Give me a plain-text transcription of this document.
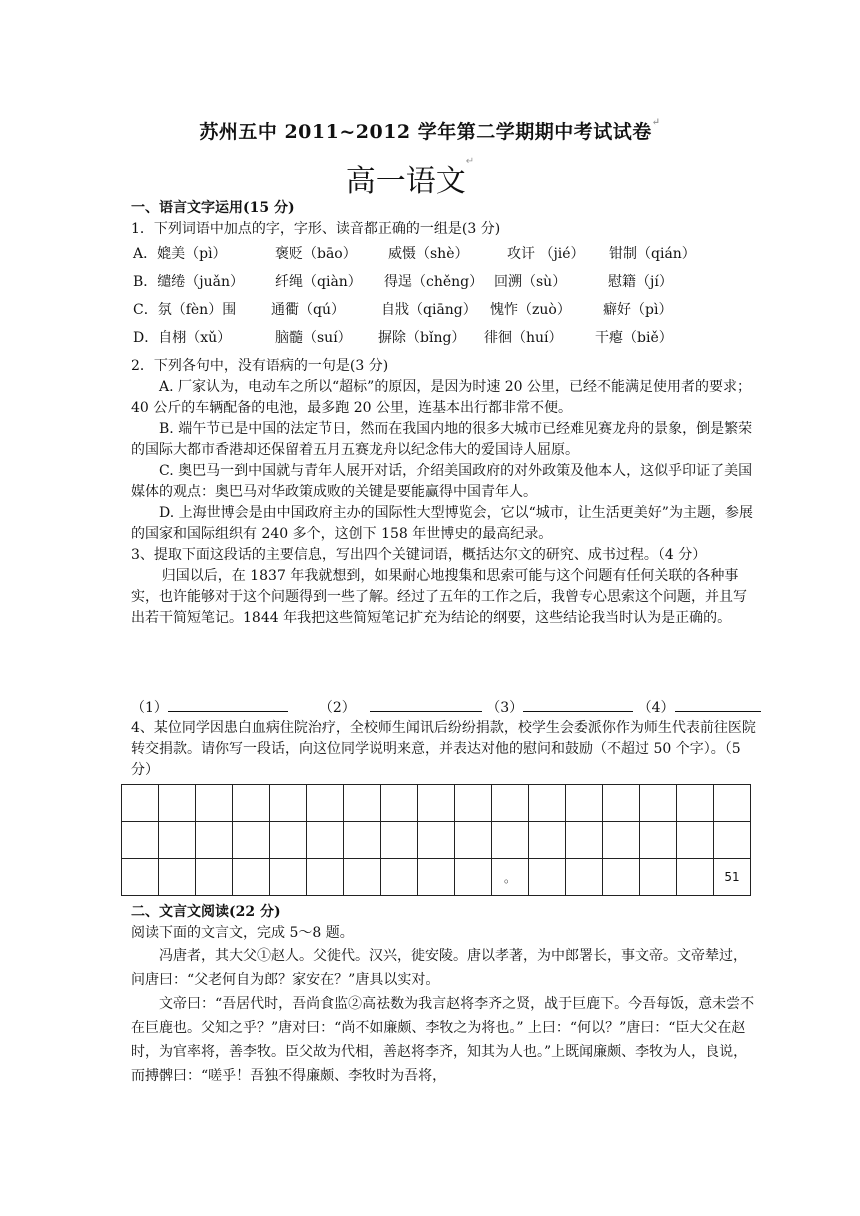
苏州五中 2011~2012 学年第二学期期中考试试卷↵
高一语文↵
一、语言文字运用(15 分)
1．下列词语中加点的字，字形、读音都正确的一组是(3 分)
A．媲美（pì）	褒贬（bāo） 威慑（shè）	攻讦 （jié） 钳制（qián）
B．缱绻（juǎn） 纤绳（qiàn） 得逞（chěng） 回溯（sù）	慰籍（jí）
C．氛（fèn）围 通衢（qú）	自戕（qiāng） 愧怍（zuò） 癖好（pì）
D．自栩（xǔ）	脑髓（suí） 摒除（bǐng） 徘徊（huí） 干瘪（biě）

2．下列各句中，没有语病的一句是(3 分)

A. 厂家认为，电动车之所以“超标”的原因，是因为时速 20 公里，已经不能满足使用者的要求；40 公斤的车辆配备的电池，最多跑 20 公里，连基本出行都非常不便。

B. 端午节已是中国的法定节日，然而在我国内地的很多大城市已经难见赛龙舟的景象，倒是繁荣的国际大都市香港却还保留着五月五赛龙舟以纪念伟大的爱国诗人屈原。

C. 奥巴马一到中国就与青年人展开对话，介绍美国政府的对外政策及他本人，这似乎印证了美国媒体的观点：奥巴马对华政策成败的关键是要能赢得中国青年人。

D. 上海世博会是由中国政府主办的国际性大型博览会，它以“城市，让生活更美好”为主题，参展的国家和国际组织有 240 多个，这创下 158 年世博史的最高纪录。

3、提取下面这段话的主要信息，写出四个关键词语，概括达尔文的研究、成书过程。（4 分）

归国以后，在 1837 年我就想到，如果耐心地搜集和思索可能与这个问题有任何关联的各种事实，也许能够对于这个问题得到一些了解。经过了五年的工作之后，我曾专心思索这个问题，并且写出若干简短笔记。1844 年我把这些简短笔记扩充为结论的纲要，这些结论我当时认为是正确的。

（1）	（2）	（3）	（4）
4、某位同学因患白血病住院治疗，全校师生闻讯后纷纷捐款，校学生会委派你作为师生代表前往医院转交捐款。请你写一段话，向这位同学说明来意，并表达对他的慰问和鼓励（不超过 50 个字）。（5 分）

										。						51

二、文言文阅读(22 分)

阅读下面的文言文，完成 5～8 题。

冯唐者，其大父①赵人。父徙代。汉兴，徙安陵。唐以孝著，为中郎署长，事文帝。文帝辇过，问唐曰：“父老何自为郎？家安在？”唐具以实对。

文帝曰：“吾居代时，吾尚食监②高祛数为我言赵将李齐之贤，战于巨鹿下。今吾每饭，意未尝不在巨鹿也。父知之乎？”唐对曰：“尚不如廉颇、李牧之为将也。” 上曰：“何以？”唐曰：“臣大父在赵时，为官率将，善李牧。臣父故为代相，善赵将李齐，知其为人也。”上既闻廉颇、李牧为人，良说，而搏髀曰：“嗟乎！吾独不得廉颇、李牧时为吾将，
